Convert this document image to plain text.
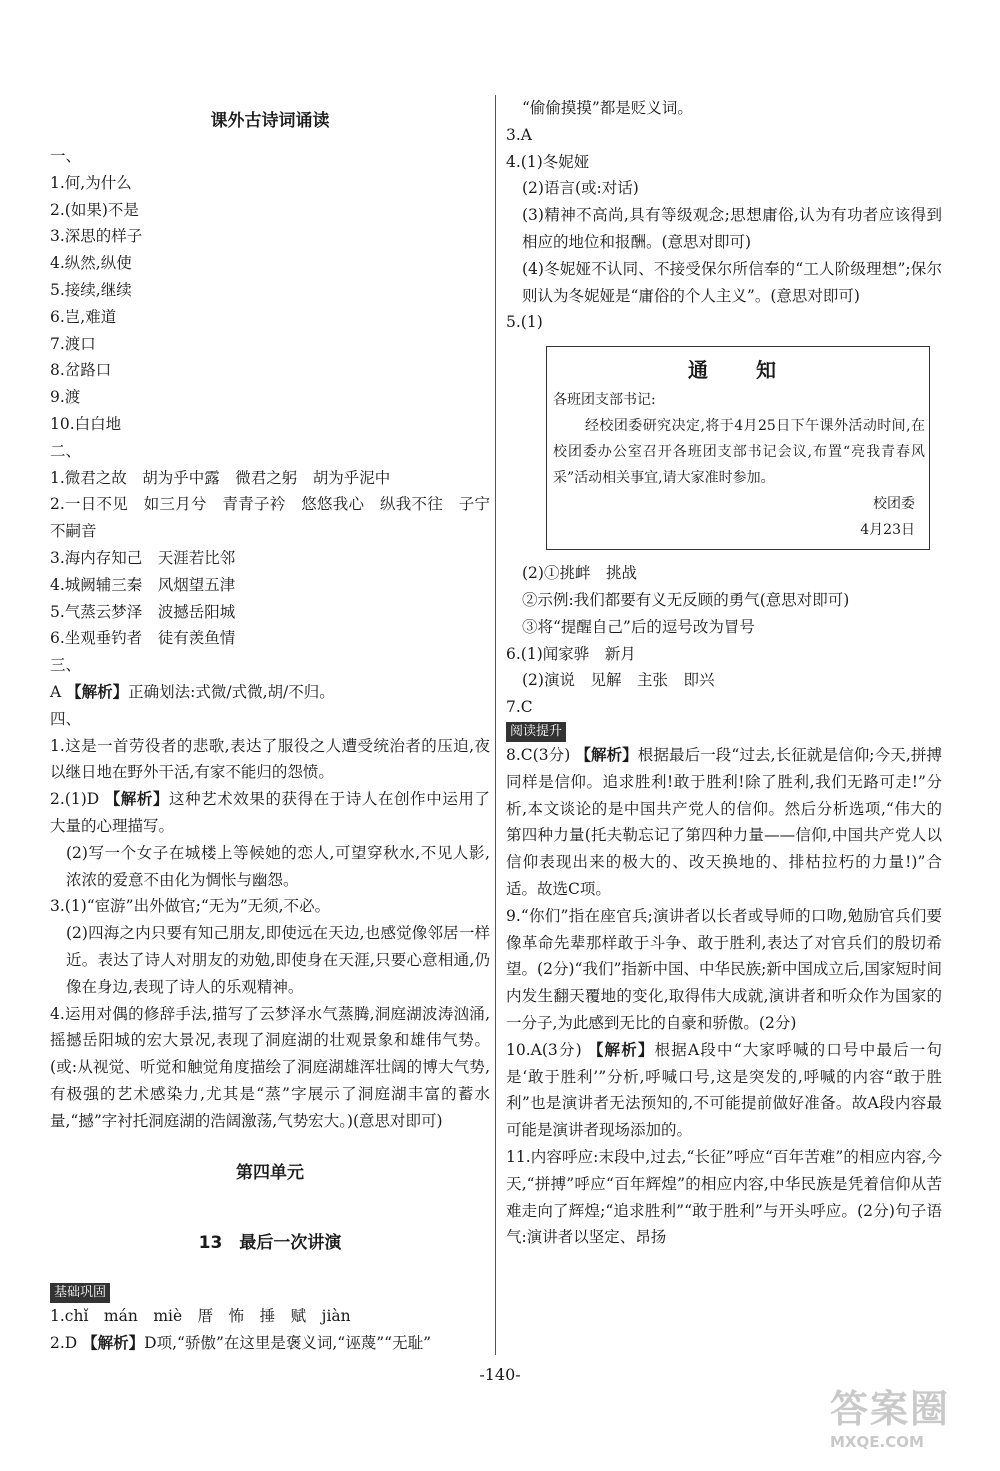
课外古诗词诵读

一、

1.何,为什么

2.(如果)不是

3.深思的样子

4.纵然,纵使

5.接续,继续

6.岂,难道

7.渡口

8.岔路口

9.渡

10.白白地

二、

1.微君之故　胡为乎中露　微君之躬　胡为乎泥中

2.一日不见　如三月兮　青青子衿　悠悠我心　纵我不往　子宁不嗣音

3.海内存知己　天涯若比邻

4.城阙辅三秦　风烟望五津

5.气蒸云梦泽　波撼岳阳城

6.坐观垂钓者　徒有羡鱼情

三、

A 【解析】正确划法:式微/式微,胡/不归。

四、

1.这是一首劳役者的悲歌,表达了服役之人遭受统治者的压迫,夜以继日地在野外干活,有家不能归的怨愤。

2.(1)D 【解析】这种艺术效果的获得在于诗人在创作中运用了大量的心理描写。

(2)写一个女子在城楼上等候她的恋人,可望穿秋水,不见人影,浓浓的爱意不由化为惆怅与幽怨。

3.(1)“宦游”出外做官;“无为”无须,不必。

(2)四海之内只要有知己朋友,即使远在天边,也感觉像邻居一样近。表达了诗人对朋友的劝勉,即使身在天涯,只要心意相通,仍像在身边,表现了诗人的乐观精神。

4.运用对偶的修辞手法,描写了云梦泽水气蒸腾,洞庭湖波涛汹涌,摇撼岳阳城的宏大景况,表现了洞庭湖的壮观景象和雄伟气势。(或:从视觉、听觉和触觉角度描绘了洞庭湖雄浑壮阔的博大气势,有极强的艺术感染力,尤其是“蒸”字展示了洞庭湖丰富的蓄水量,“撼”字衬托洞庭湖的浩阔激荡,气势宏大。)(意思对即可)

第四单元

13　最后一次讲演

基础巩固

1.chǐ　mán　miè　厝　怖　捶　赋　jiàn

2.D 【解析】D项,“骄傲”在这里是褒义词,“诬蔑”“无耻”

“偷偷摸摸”都是贬义词。

3.A

4.(1)冬妮娅

(2)语言(或:对话)

(3)精神不高尚,具有等级观念;思想庸俗,认为有功者应该得到相应的地位和报酬。(意思对即可)

(4)冬妮娅不认同、不接受保尔所信奉的“工人阶级理想”;保尔则认为冬妮娅是“庸俗的个人主义”。(意思对即可)

5.(1)

通　知

各班团支部书记:

经校团委研究决定,将于4月25日下午课外活动时间,在校团委办公室召开各班团支部书记会议,布置“亮我青春风采”活动相关事宜,请大家准时参加。

校团委

4月23日

(2)①挑衅　挑战

②示例:我们都要有义无反顾的勇气(意思对即可)

③将“提醒自己”后的逗号改为冒号

6.(1)闻家骅　新月

(2)演说　见解　主张　即兴

7.C

阅读提升

8.C(3分) 【解析】根据最后一段“过去,长征就是信仰;今天,拼搏同样是信仰。追求胜利!敢于胜利!除了胜利,我们无路可走!”分析,本文谈论的是中国共产党人的信仰。然后分析选项,“伟大的第四种力量(托夫勒忘记了第四种力量——信仰,中国共产党人以信仰表现出来的极大的、改天换地的、排枯拉朽的力量!)”合适。故选C项。

9.“你们”指在座官兵;演讲者以长者或导师的口吻,勉励官兵们要像革命先辈那样敢于斗争、敢于胜利,表达了对官兵们的殷切希望。(2分)“我们”指新中国、中华民族;新中国成立后,国家短时间内发生翻天覆地的变化,取得伟大成就,演讲者和听众作为国家的一分子,为此感到无比的自豪和骄傲。(2分)

10.A(3分) 【解析】根据A段中“大家呼喊的口号中最后一句是‘敢于胜利’”分析,呼喊口号,这是突发的,呼喊的内容“敢于胜利”也是演讲者无法预知的,不可能提前做好准备。故A段内容最可能是演讲者现场添加的。

11.内容呼应:末段中,过去,“长征”呼应“百年苦难”的相应内容,今天,“拼搏”呼应“百年辉煌”的相应内容,中华民族是凭着信仰从苦难走向了辉煌;“追求胜利”“敢于胜利”与开头呼应。(2分)句子语气:演讲者以坚定、昂扬

-140-
答案圈
MXQE.COM
